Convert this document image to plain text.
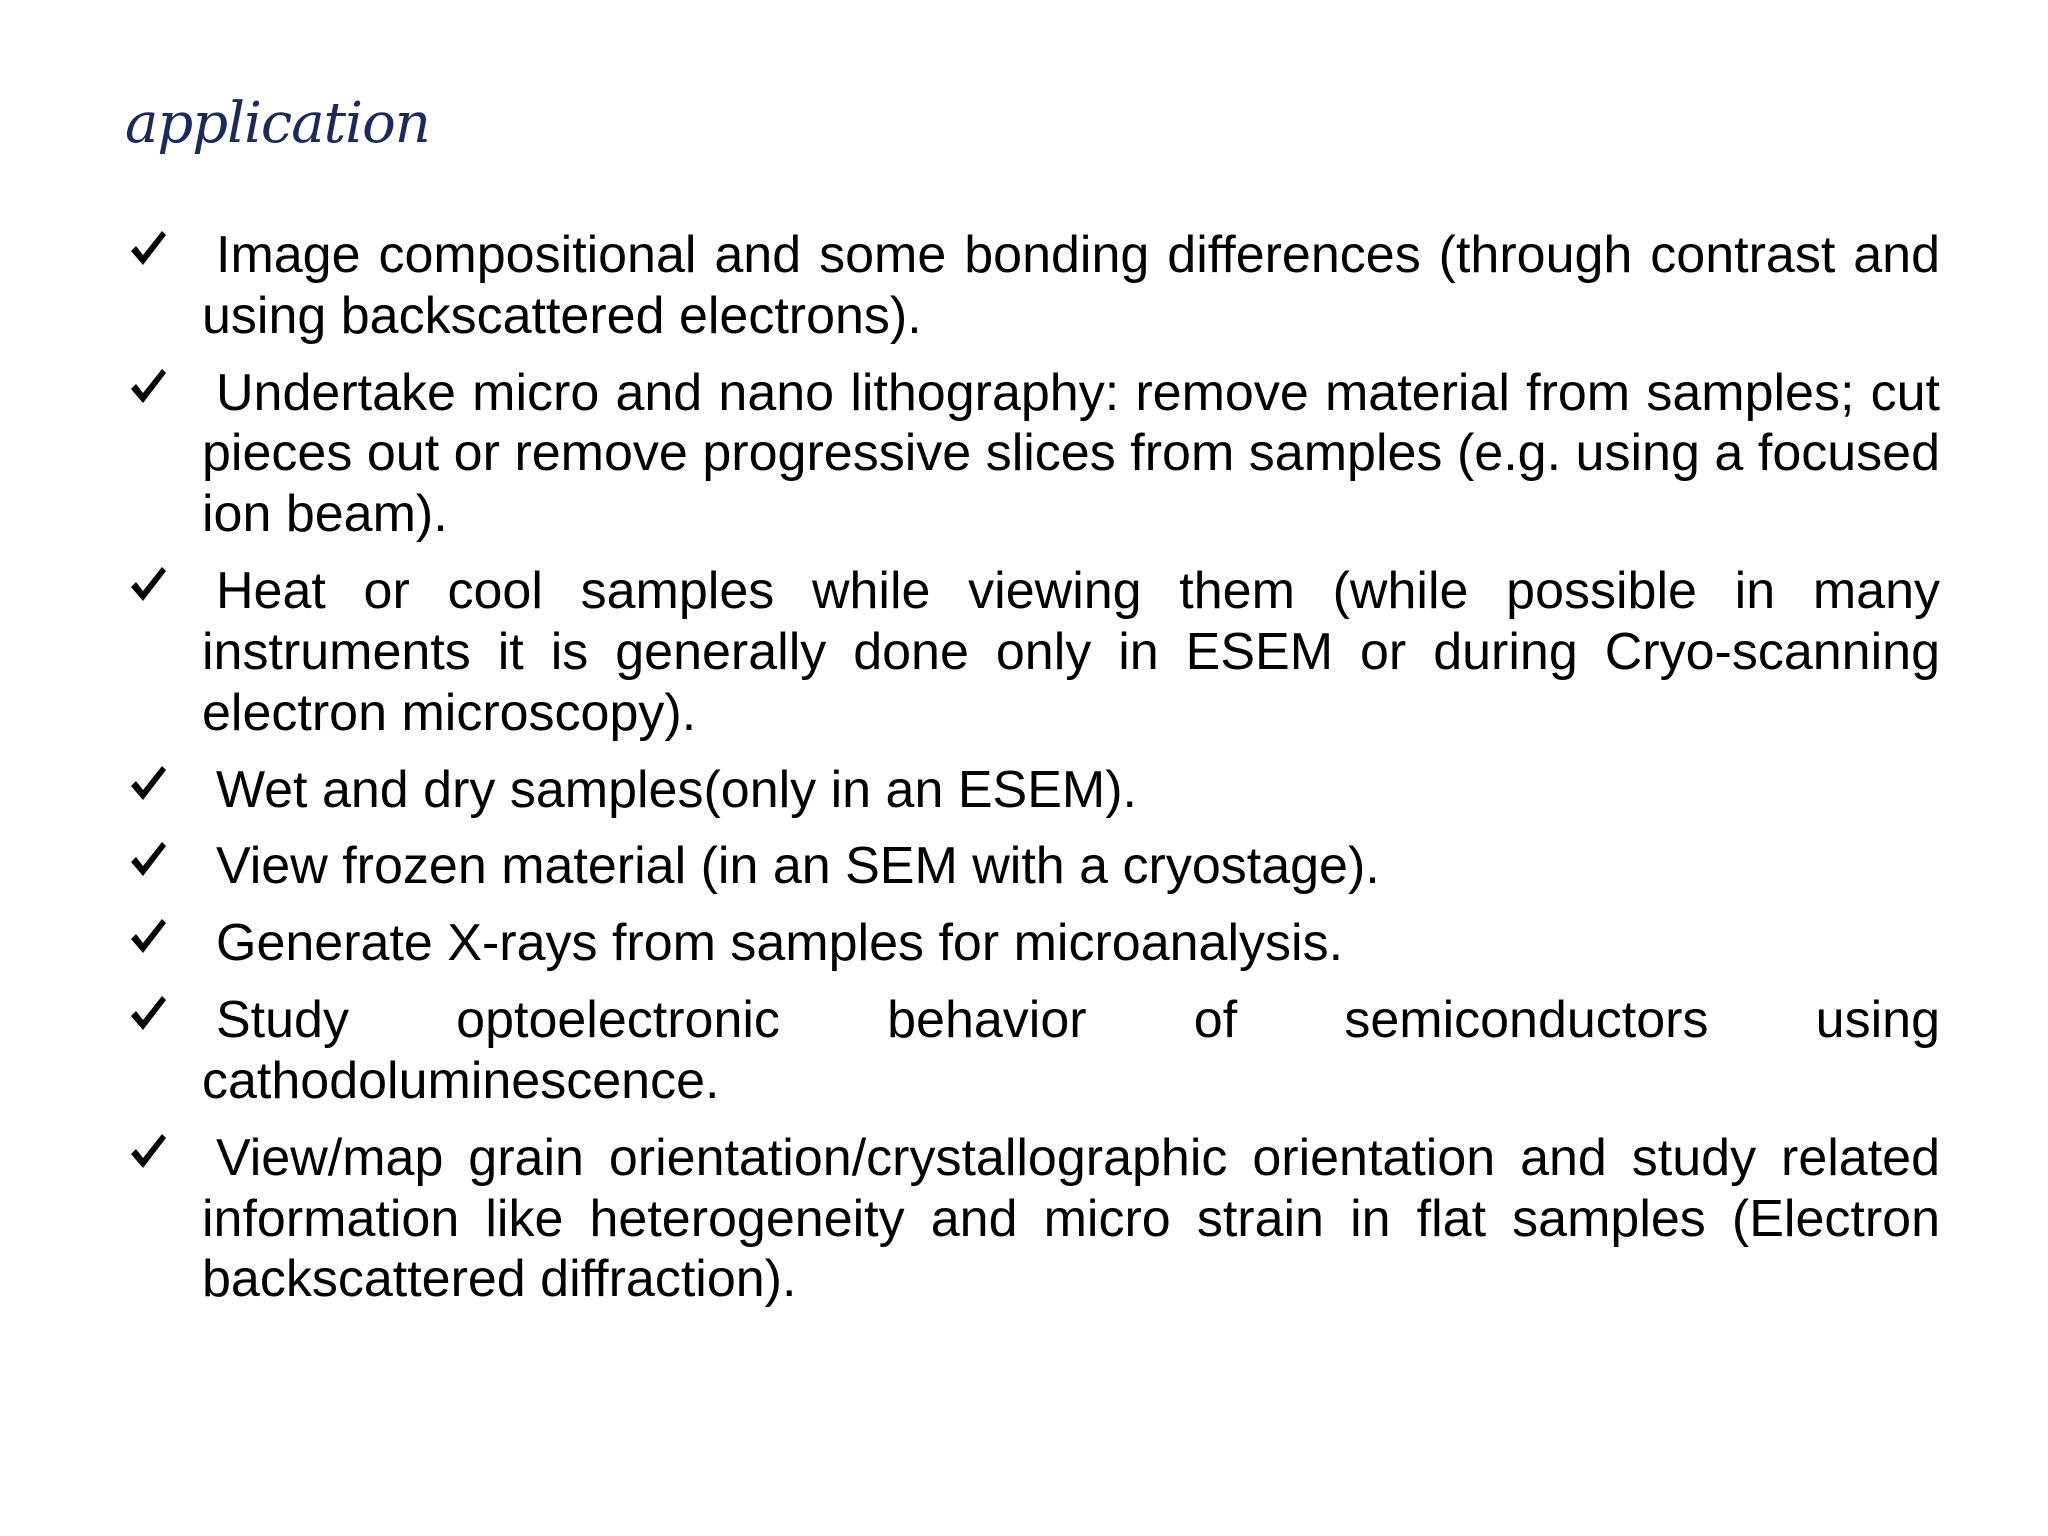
application
Image compositional and some bonding differences (through contrast and using backscattered electrons).
Undertake micro and nano lithography: remove material from samples; cut pieces out or remove progressive slices from samples (e.g. using a focused ion beam).
Heat or cool samples while viewing them (while possible in many instruments it is generally done only in ESEM or during Cryo-scanning electron microscopy).
Wet and dry samples(only in an ESEM).
View frozen material (in an SEM with a cryostage).
Generate X-rays from samples for microanalysis.
Study optoelectronic behavior of semiconductors using cathodoluminescence.
View/map grain orientation/crystallographic orientation and study related information like heterogeneity and micro strain in flat samples (Electron backscattered diffraction).
